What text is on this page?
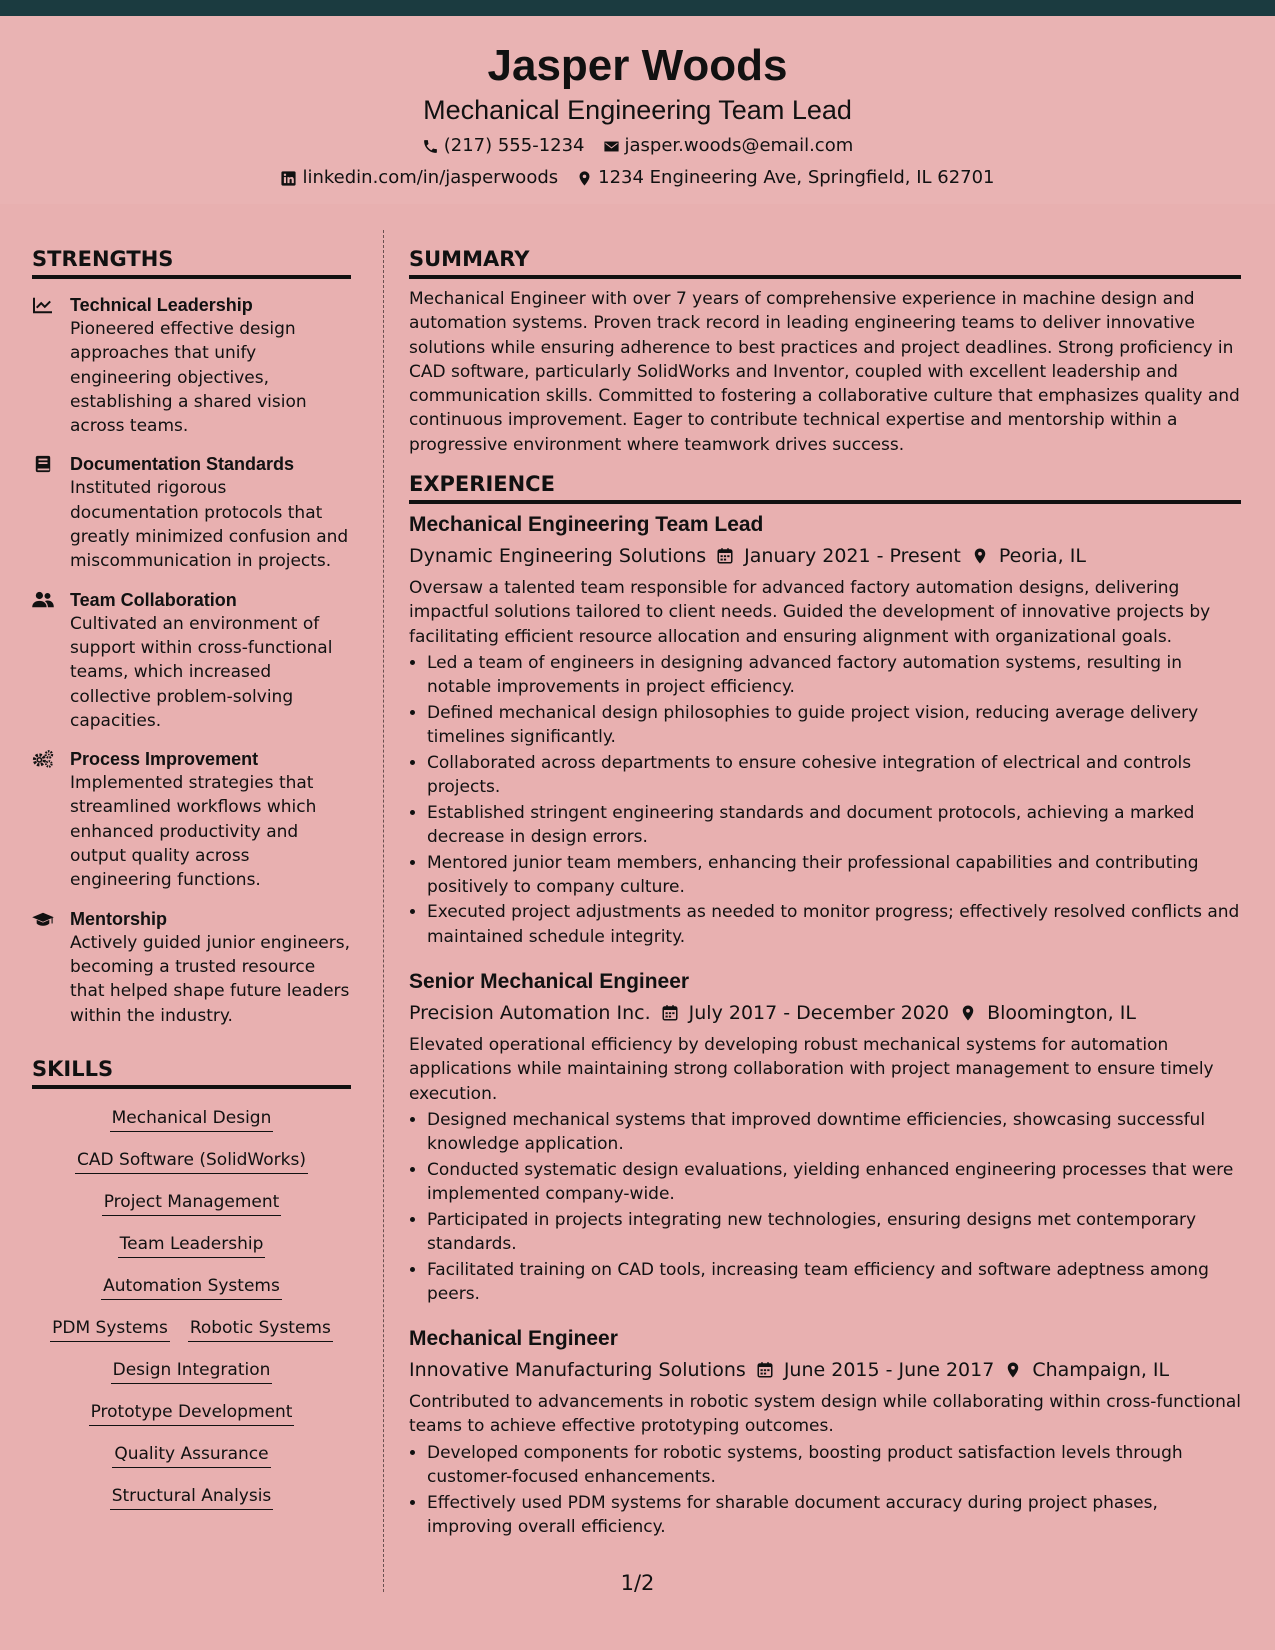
Jasper Woods
Mechanical Engineering Team Lead
(217) 555-1234 jasper.woods@email.com
linkedin.com/in/jasperwoods 1234 Engineering Ave, Springfield, IL 62701
STRENGTHS
Technical Leadership
Pioneered effective design approaches that unify engineering objectives, establishing a shared vision across teams.
Documentation Standards
Instituted rigorous documentation protocols that greatly minimized confusion and miscommunication in projects.
Team Collaboration
Cultivated an environment of support within cross-functional teams, which increased collective problem-solving capacities.
Process Improvement
Implemented strategies that streamlined workflows which enhanced productivity and output quality across engineering functions.
Mentorship
Actively guided junior engineers, becoming a trusted resource that helped shape future leaders within the industry.
SKILLS
Mechanical Design
CAD Software (SolidWorks)
Project Management
Team Leadership
Automation Systems
PDM Systems Robotic Systems
Design Integration
Prototype Development
Quality Assurance
Structural Analysis
SUMMARY
Mechanical Engineer with over 7 years of comprehensive experience in machine design and automation systems. Proven track record in leading engineering teams to deliver innovative solutions while ensuring adherence to best practices and project deadlines. Strong proficiency in CAD software, particularly SolidWorks and Inventor, coupled with excellent leadership and communication skills. Committed to fostering a collaborative culture that emphasizes quality and continuous improvement. Eager to contribute technical expertise and mentorship within a progressive environment where teamwork drives success.
EXPERIENCE
Mechanical Engineering Team Lead
Dynamic Engineering Solutions January 2021 - Present Peoria, IL
Oversaw a talented team responsible for advanced factory automation designs, delivering impactful solutions tailored to client needs. Guided the development of innovative projects by facilitating efficient resource allocation and ensuring alignment with organizational goals.
• Led a team of engineers in designing advanced factory automation systems, resulting in notable improvements in project efficiency.
• Defined mechanical design philosophies to guide project vision, reducing average delivery timelines significantly.
• Collaborated across departments to ensure cohesive integration of electrical and controls projects.
• Established stringent engineering standards and document protocols, achieving a marked decrease in design errors.
• Mentored junior team members, enhancing their professional capabilities and contributing positively to company culture.
• Executed project adjustments as needed to monitor progress; effectively resolved conflicts and maintained schedule integrity.
Senior Mechanical Engineer
Precision Automation Inc. July 2017 - December 2020 Bloomington, IL
Elevated operational efficiency by developing robust mechanical systems for automation applications while maintaining strong collaboration with project management to ensure timely execution.
• Designed mechanical systems that improved downtime efficiencies, showcasing successful knowledge application.
• Conducted systematic design evaluations, yielding enhanced engineering processes that were implemented company-wide.
• Participated in projects integrating new technologies, ensuring designs met contemporary standards.
• Facilitated training on CAD tools, increasing team efficiency and software adeptness among peers.
Mechanical Engineer
Innovative Manufacturing Solutions June 2015 - June 2017 Champaign, IL
Contributed to advancements in robotic system design while collaborating within cross-functional teams to achieve effective prototyping outcomes.
• Developed components for robotic systems, boosting product satisfaction levels through customer-focused enhancements.
• Effectively used PDM systems for sharable document accuracy during project phases, improving overall efficiency.
1/2
